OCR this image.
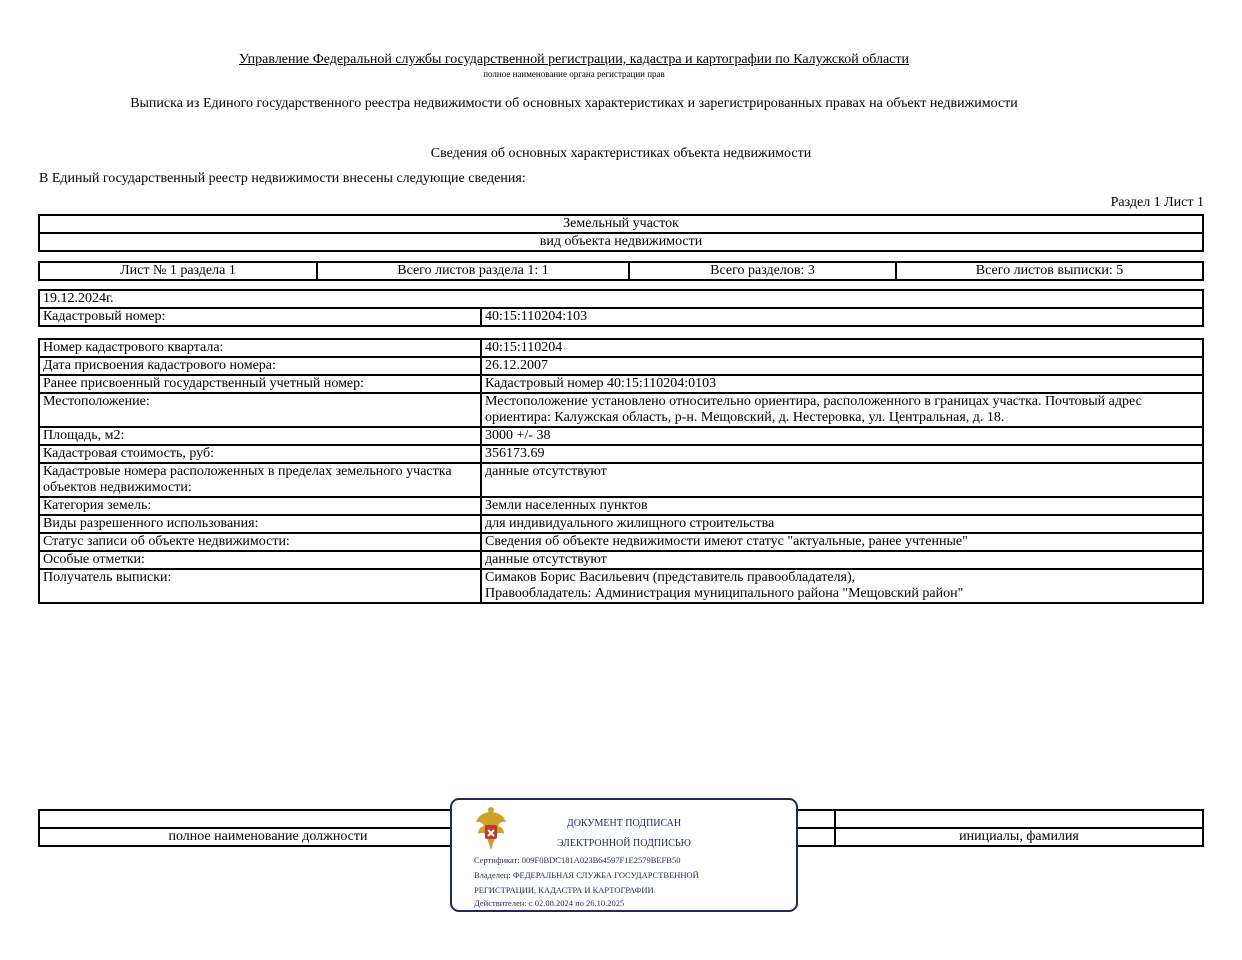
Управление Федеральной службы государственной регистрации, кадастра и картографии по Калужской области
полное наименование органа регистрации прав
Выписка из Единого государственного реестра недвижимости об основных характеристиках и зарегистрированных правах на объект недвижимости
Сведения об основных характеристиках объекта недвижимости
В Единый государственный реестр недвижимости внесены следующие сведения:
Раздел 1 Лист 1
Земельный участок
вид объекта недвижимости
Лист № 1 раздела 1	Всего листов раздела 1: 1	Всего разделов: 3	Всего листов выписки: 5
19.12.2024г.
Кадастровый номер:	40:15:110204:103
Номер кадастрового квартала:	40:15:110204
Дата присвоения кадастрового номера:	26.12.2007
Ранее присвоенный государственный учетный номер:	Кадастровый номер 40:15:110204:0103
Местоположение:	Местоположение установлено относительно ориентира, расположенного в границах участка. Почтовый адрес ориентира: Калужская область, р-н. Мещовский, д. Нестеровка, ул. Центральная, д. 18.
Площадь, м2:	3000 +/- 38
Кадастровая стоимость, руб:	356173.69
Кадастровые номера расположенных в пределах земельного участка объектов недвижимости:	данные отсутствуют
Категория земель:	Земли населенных пунктов
Виды разрешенного использования:	для индивидуального жилищного строительства
Статус записи об объекте недвижимости:	Сведения об объекте недвижимости имеют статус "актуальные, ранее учтенные"
Особые отметки:	данные отсутствуют
Получатель выписки:	Симаков Борис Васильевич (представитель правообладателя),
Правообладатель: Администрация муниципального района "Мещовский район"

полное наименование должности		инициалы, фамилия
ДОКУМЕНТ ПОДПИСАН
ЭЛЕКТРОННОЙ ПОДПИСЬЮ
Сертификат: 009F0BDC181A023B64597F1E2579BEFB50
Владелец: ФЕДЕРАЛЬНАЯ СЛУЖБА ГОСУДАРСТВЕННОЙ
РЕГИСТРАЦИИ, КАДАСТРА И КАРТОГРАФИИ
Действителен: с 02.08.2024 по 26.10.2025
